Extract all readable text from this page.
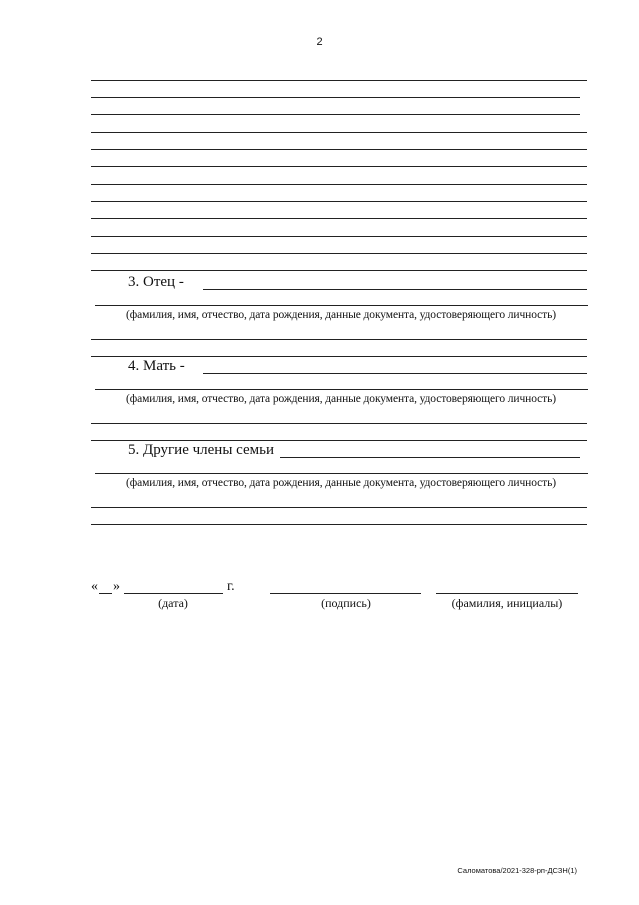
2
3. Отец -
(фамилия, имя, отчество, дата рождения, данные документа, удостоверяющего личность)
4. Мать -
(фамилия, имя, отчество, дата рождения, данные документа, удостоверяющего личность)
5. Другие члены семьи
(фамилия, имя, отчество, дата рождения, данные документа, удостоверяющего личность)
« »	г.
(дата)	(подпись)	(фамилия, инициалы)
Саломатова/2021-328-рп-ДСЗН(1)
